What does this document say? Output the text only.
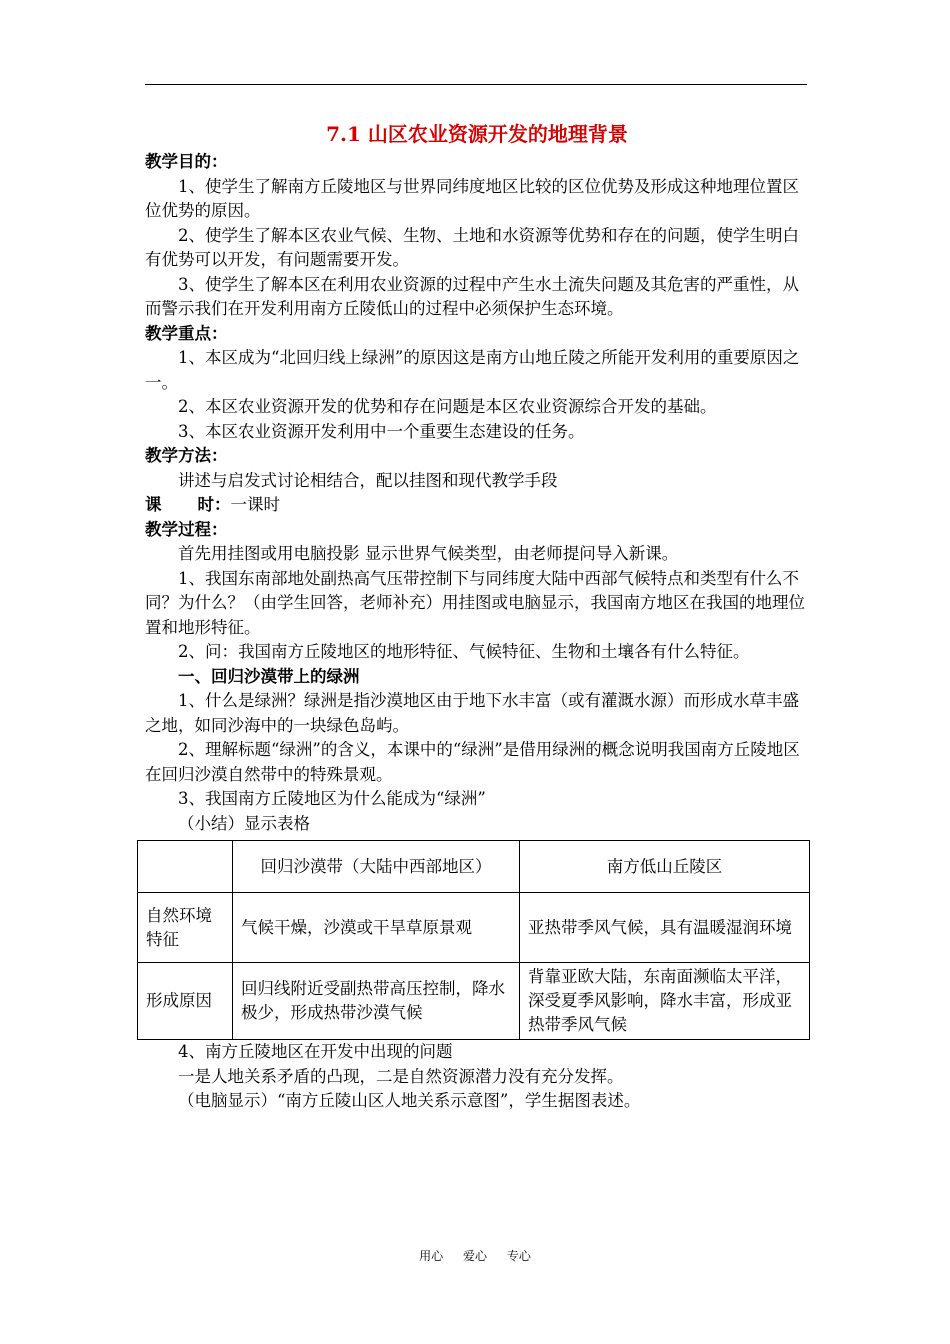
7.1 山区农业资源开发的地理背景

教学目的：

1、使学生了解南方丘陵地区与世界同纬度地区比较的区位优势及形成这种地理位置区位优势的原因。

2、使学生了解本区农业气候、生物、土地和水资源等优势和存在的问题，使学生明白有优势可以开发，有问题需要开发。

3、使学生了解本区在利用农业资源的过程中产生水土流失问题及其危害的严重性，从而警示我们在开发利用南方丘陵低山的过程中必须保护生态环境。

教学重点：

1、本区成为“北回归线上绿洲”的原因这是南方山地丘陵之所能开发利用的重要原因之一。

2、本区农业资源开发的优势和存在问题是本区农业资源综合开发的基础。

3、本区农业资源开发利用中一个重要生态建设的任务。

教学方法：

讲述与启发式讨论相结合，配以挂图和现代教学手段

课 时：一课时

教学过程：

首先用挂图或用电脑投影 显示世界气候类型，由老师提问导入新课。

1、我国东南部地处副热高气压带控制下与同纬度大陆中西部气候特点和类型有什么不同？为什么？（由学生回答，老师补充）用挂图或电脑显示，我国南方地区在我国的地理位置和地形特征。

2、问：我国南方丘陵地区的地形特征、气候特征、生物和土壤各有什么特征。

一、回归沙漠带上的绿洲

1、什么是绿洲？绿洲是指沙漠地区由于地下水丰富（或有灌溉水源）而形成水草丰盛之地，如同沙海中的一块绿色岛屿。

2、理解标题“绿洲”的含义，本课中的“绿洲”是借用绿洲的概念说明我国南方丘陵地区在回归沙漠自然带中的特殊景观。

3、我国南方丘陵地区为什么能成为“绿洲”

（小结）显示表格

	回归沙漠带（大陆中西部地区）	南方低山丘陵区
自然环境特征	气候干燥，沙漠或干旱草原景观	亚热带季风气候，具有温暖湿润环境
形成原因	回归线附近受副热带高压控制，降水极少，形成热带沙漠气候	背靠亚欧大陆，东南面濒临太平洋，深受夏季风影响，降水丰富，形成亚热带季风气候

4、南方丘陵地区在开发中出现的问题

一是人地关系矛盾的凸现，二是自然资源潜力没有充分发挥。

（电脑显示）“南方丘陵山区人地关系示意图”，学生据图表述。

用心 爱心 专心
